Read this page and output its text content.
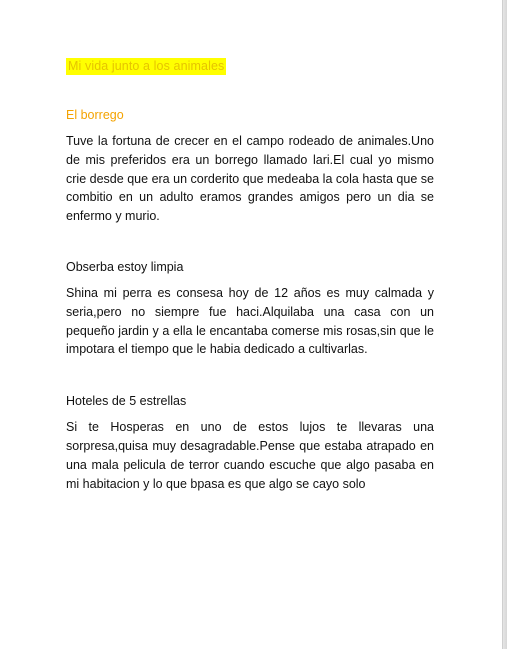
Mi vida junto a los animales
El borrego

Tuve la fortuna de crecer en el campo rodeado de animales.Uno de mis preferidos era un borrego llamado lari.El cual yo mismo crie desde que era un corderito que medeaba la cola hasta que se combitio en un adulto eramos grandes amigos pero un dia se enfermo y murio.

Obserba estoy limpia

Shina mi perra es consesa hoy de 12 años es muy calmada y seria,pero no siempre fue haci.Alquilaba una casa con un pequeño jardin y a ella le encantaba comerse mis rosas,sin que le impotara el tiempo que le habia dedicado a cultivarlas.

Hoteles de 5 estrellas

Si te Hosperas en uno de estos lujos te llevaras una sorpresa,quisa muy desagradable.Pense que estaba atrapado en una mala pelicula de terror cuando escuche que algo pasaba en mi habitacion y lo que bpasa es que algo se cayo solo
